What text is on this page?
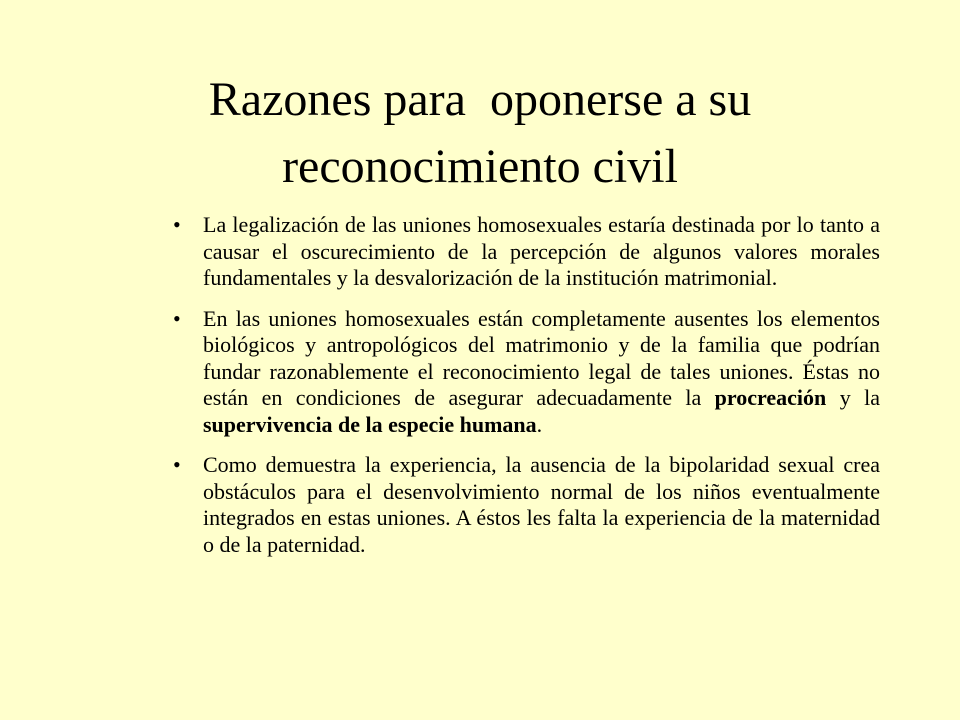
Razones para  oponerse a su
reconocimiento civil
• La legalización de las uniones homosexuales estaría destinada por lo tanto a causar el oscurecimiento de la percepción de algunos valores morales fundamentales y la desvalorización de la institución matrimonial.
• En las uniones homosexuales están completamente ausentes los elementos biológicos y antropológicos del matrimonio y de la familia que podrían fundar razonablemente el reconocimiento legal de tales uniones. Éstas no están en condiciones de asegurar adecuadamente la procreación y la supervivencia de la especie humana.
• Como demuestra la experiencia, la ausencia de la bipolaridad sexual crea obstáculos para el desenvolvimiento normal de los niños eventualmente integrados en estas uniones. A éstos les falta la experiencia de la maternidad o de la paternidad.
